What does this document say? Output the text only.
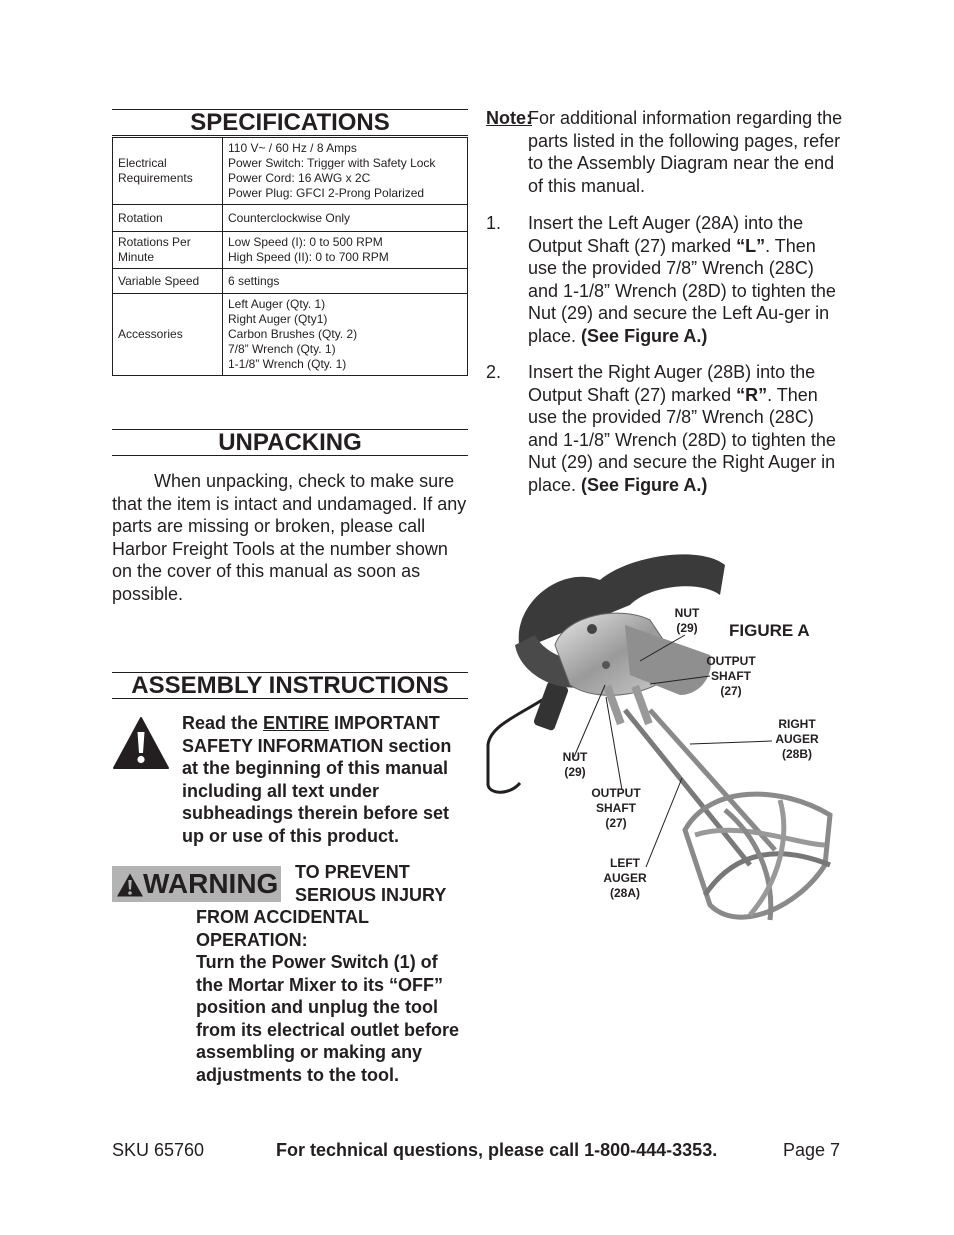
SPECIFICATIONS
Electrical Requirements	110 V~ / 60 Hz / 8 Amps
Power Switch: Trigger with Safety Lock
Power Cord: 16 AWG x 2C
Power Plug: GFCI 2-Prong Polarized

Rotation	Counterclockwise Only

Rotations Per Minute	Low Speed (I): 0 to 500 RPM
High Speed (II): 0 to 700 RPM

Variable Speed	6 settings

Accessories	Left Auger (Qty. 1)
Right Auger (Qty1)
Carbon Brushes (Qty. 2)
7/8” Wrench (Qty. 1)
1-1/8” Wrench (Qty. 1)
UNPACKING
When unpacking, check to make sure that the item is intact and undamaged. If any parts are missing or broken, please call Harbor Freight Tools at the number shown on the cover of this manual as soon as possible.
ASSEMBLY INSTRUCTIONS
Read the ENTIRE IMPORTANT SAFETY INFORMATION section at the beginning of this manual including all text under subheadings therein before set up or use of this product.
WARNING TO PREVENT
SERIOUS INJURY
FROM ACCIDENTAL
OPERATION:
Turn the Power Switch (1) of the Mortar Mixer to its “OFF” position and unplug the tool from its electrical outlet before assembling or making any adjustments to the tool.
Note:For additional information regarding the parts listed in the following pages, refer to the Assembly Diagram near the end of this manual.
1. Insert the Left Auger (28A) into the Output Shaft (27) marked “L”. Then use the provided 7/8” Wrench (28C) and 1-1/8” Wrench (28D) to tighten the Nut (29) and secure the Left Au-ger in place. (See Figure A.)
2. Insert the Right Auger (28B) into the Output Shaft (27) marked “R”. Then use the provided 7/8” Wrench (28C) and 1-1/8” Wrench (28D) to tighten the Nut (29) and secure the Right Auger in place. (See Figure A.)
FIGURE A
NUT
(29)
OUTPUT
SHAFT
(27)
RIGHT
AUGER
(28B)
NUT
(29)
OUTPUT
SHAFT
(27)
LEFT
AUGER
(28A)
SKU 65760	For technical questions, please call 1-800-444-3353.	Page 7
